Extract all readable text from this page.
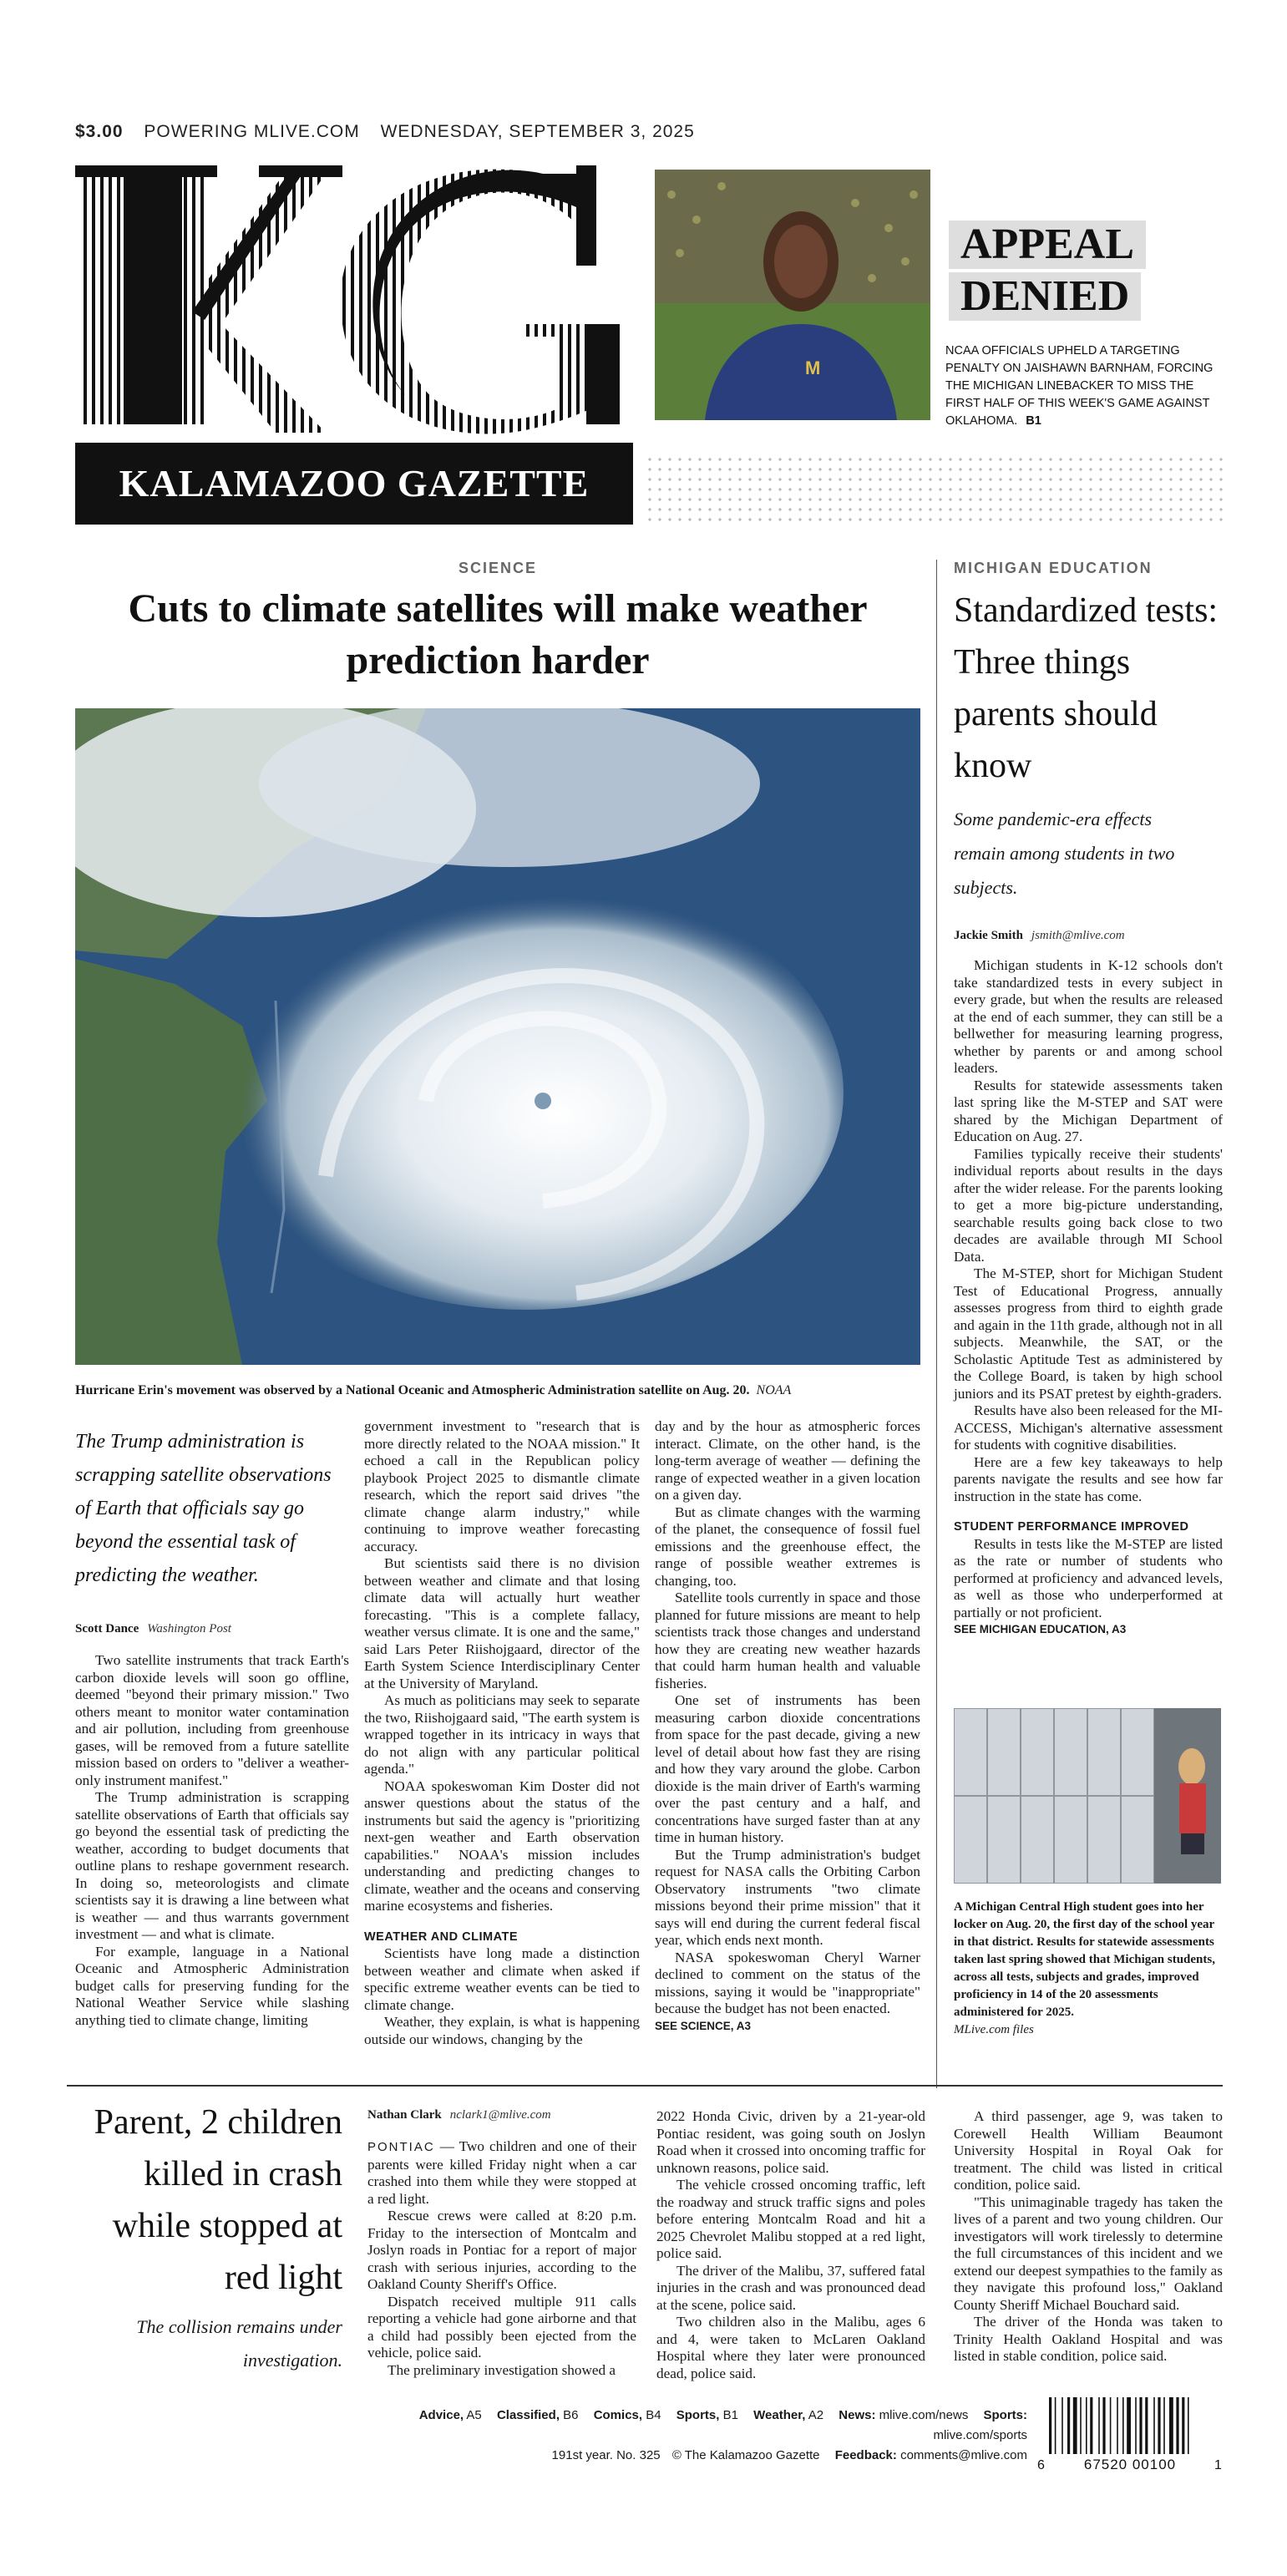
$3.00 POWERING MLIVE.COM WEDNESDAY, SEPTEMBER 3, 2025
KALAMAZOO GAZETTE
M
APPEAL
DENIED
NCAA OFFICIALS UPHELD A TARGETING PENALTY ON JAISHAWN BARNHAM, FORCING THE MICHIGAN LINEBACKER TO MISS THE FIRST HALF OF THIS WEEK'S GAME AGAINST OKLAHOMA. B1
SCIENCE
Cuts to climate satellites will make weather prediction harder
Hurricane Erin's movement was observed by a National Oceanic and Atmospheric Administration satellite on Aug. 20. NOAA
The Trump administration is scrapping satellite observations of Earth that officials say go beyond the essential task of predicting the weather.
Scott Dance Washington Post

Two satellite instruments that track Earth's carbon dioxide levels will soon go offline, deemed "beyond their primary mission." Two others meant to monitor water contamination and air pollution, including from greenhouse gases, will be removed from a future satellite mission based on orders to "deliver a weather-only instrument manifest."

The Trump administration is scrapping satellite observations of Earth that officials say go beyond the essential task of predicting the weather, according to budget documents that outline plans to reshape government research. In doing so, meteorologists and climate scientists say it is drawing a line between what is weather — and thus warrants government investment — and what is climate.

For example, language in a National Oceanic and Atmospheric Administration budget calls for preserving funding for the National Weather Service while slashing anything tied to climate change, limiting

government investment to "research that is more directly related to the NOAA mission." It echoed a call in the Republican policy playbook Project 2025 to dismantle climate research, which the report said drives "the climate change alarm industry," while continuing to improve weather forecasting accuracy.

But scientists said there is no division between weather and climate and that losing climate data will actually hurt weather forecasting. "This is a complete fallacy, weather versus climate. It is one and the same," said Lars Peter Riishojgaard, director of the Earth System Science Interdisciplinary Center at the University of Maryland.

As much as politicians may seek to separate the two, Riishojgaard said, "The earth system is wrapped together in its intricacy in ways that do not align with any particular political agenda."

NOAA spokeswoman Kim Doster did not answer questions about the status of the instruments but said the agency is "prioritizing next-gen weather and Earth observation capabilities." NOAA's mission includes understanding and predicting changes to climate, weather and the oceans and conserving marine ecosystems and fisheries.

WEATHER AND CLIMATE

Scientists have long made a distinction between weather and climate when asked if specific extreme weather events can be tied to climate change.

Weather, they explain, is what is happening outside our windows, changing by the

day and by the hour as atmospheric forces interact. Climate, on the other hand, is the long-term average of weather — defining the range of expected weather in a given location on a given day.

But as climate changes with the warming of the planet, the consequence of fossil fuel emissions and the greenhouse effect, the range of possible weather extremes is changing, too.

Satellite tools currently in space and those planned for future missions are meant to help scientists track those changes and understand how they are creating new weather hazards that could harm human health and valuable fisheries.

One set of instruments has been measuring carbon dioxide concentrations from space for the past decade, giving a new level of detail about how fast they are rising and how they vary around the globe. Carbon dioxide is the main driver of Earth's warming over the past century and a half, and concentrations have surged faster than at any time in human history.

But the Trump administration's budget request for NASA calls the Orbiting Carbon Observatory instruments "two climate missions beyond their prime mission" that it says will end during the current federal fiscal year, which ends next month.

NASA spokeswoman Cheryl Warner declined to comment on the status of the missions, saying it would be "inappropriate" because the budget has not been enacted.

SEE SCIENCE, A3

MICHIGAN EDUCATION
Standardized tests: Three things parents should know
Some pandemic-era effects remain among students in two subjects.
Jackie Smith jsmith@mlive.com

Michigan students in K-12 schools don't take standardized tests in every subject in every grade, but when the results are released at the end of each summer, they can still be a bellwether for measuring learning progress, whether by parents or and among school leaders.

Results for statewide assessments taken last spring like the M-STEP and SAT were shared by the Michigan Department of Education on Aug. 27.

Families typically receive their students' individual reports about results in the days after the wider release. For the parents looking to get a more big-picture understanding, searchable results going back close to two decades are available through MI School Data.

The M-STEP, short for Michigan Student Test of Educational Progress, annually assesses progress from third to eighth grade and again in the 11th grade, although not in all subjects. Meanwhile, the SAT, or the Scholastic Aptitude Test as administered by the College Board, is taken by high school juniors and its PSAT pretest by eighth-graders.

Results have also been released for the MI-ACCESS, Michigan's alternative assessment for students with cognitive disabilities.

Here are a few key takeaways to help parents navigate the results and see how far instruction in the state has come.

STUDENT PERFORMANCE IMPROVED

Results in tests like the M-STEP are listed as the rate or number of students who performed at proficiency and advanced levels, as well as those who underperformed at partially or not proficient.

SEE MICHIGAN EDUCATION, A3

A Michigan Central High student goes into her locker on Aug. 20, the first day of the school year in that district. Results for statewide assessments taken last spring showed that Michigan students, across all tests, subjects and grades, improved proficiency in 14 of the 20 assessments administered for 2025.
MLive.com files
Parent, 2 children killed in crash while stopped at red light
The collision remains under investigation.
Nathan Clark nclark1@mlive.com

PONTIAC — Two children and one of their parents were killed Friday night when a car crashed into them while they were stopped at a red light.

Rescue crews were called at 8:20 p.m. Friday to the intersection of Montcalm and Joslyn roads in Pontiac for a report of major crash with serious injuries, according to the Oakland County Sheriff's Office.

Dispatch received multiple 911 calls reporting a vehicle had gone airborne and that a child had possibly been ejected from the vehicle, police said.

The preliminary investigation showed a

2022 Honda Civic, driven by a 21-year-old Pontiac resident, was going south on Joslyn Road when it crossed into oncoming traffic for unknown reasons, police said.

The vehicle crossed oncoming traffic, left the roadway and struck traffic signs and poles before entering Montcalm Road and hit a 2025 Chevrolet Malibu stopped at a red light, police said.

The driver of the Malibu, 37, suffered fatal injuries in the crash and was pronounced dead at the scene, police said.

Two children also in the Malibu, ages 6 and 4, were taken to McLaren Oakland Hospital where they later were pronounced dead, police said.

A third passenger, age 9, was taken to Corewell Health William Beaumont University Hospital in Royal Oak for treatment. The child was listed in critical condition, police said.

"This unimaginable tragedy has taken the lives of a parent and two young children. Our investigators will work tirelessly to determine the full circumstances of this incident and we extend our deepest sympathies to the family as they navigate this profound loss," Oakland County Sheriff Michael Bouchard said.

The driver of the Honda was taken to Trinity Health Oakland Hospital and was listed in stable condition, police said.

Advice, A5 Classified, B6 Comics, B4 Sports, B1 Weather, A2 News: mlive.com/news Sports: mlive.com/sports
191st year. No. 325 © The Kalamazoo Gazette Feedback: comments@mlive.com
6	67520 00100	1
